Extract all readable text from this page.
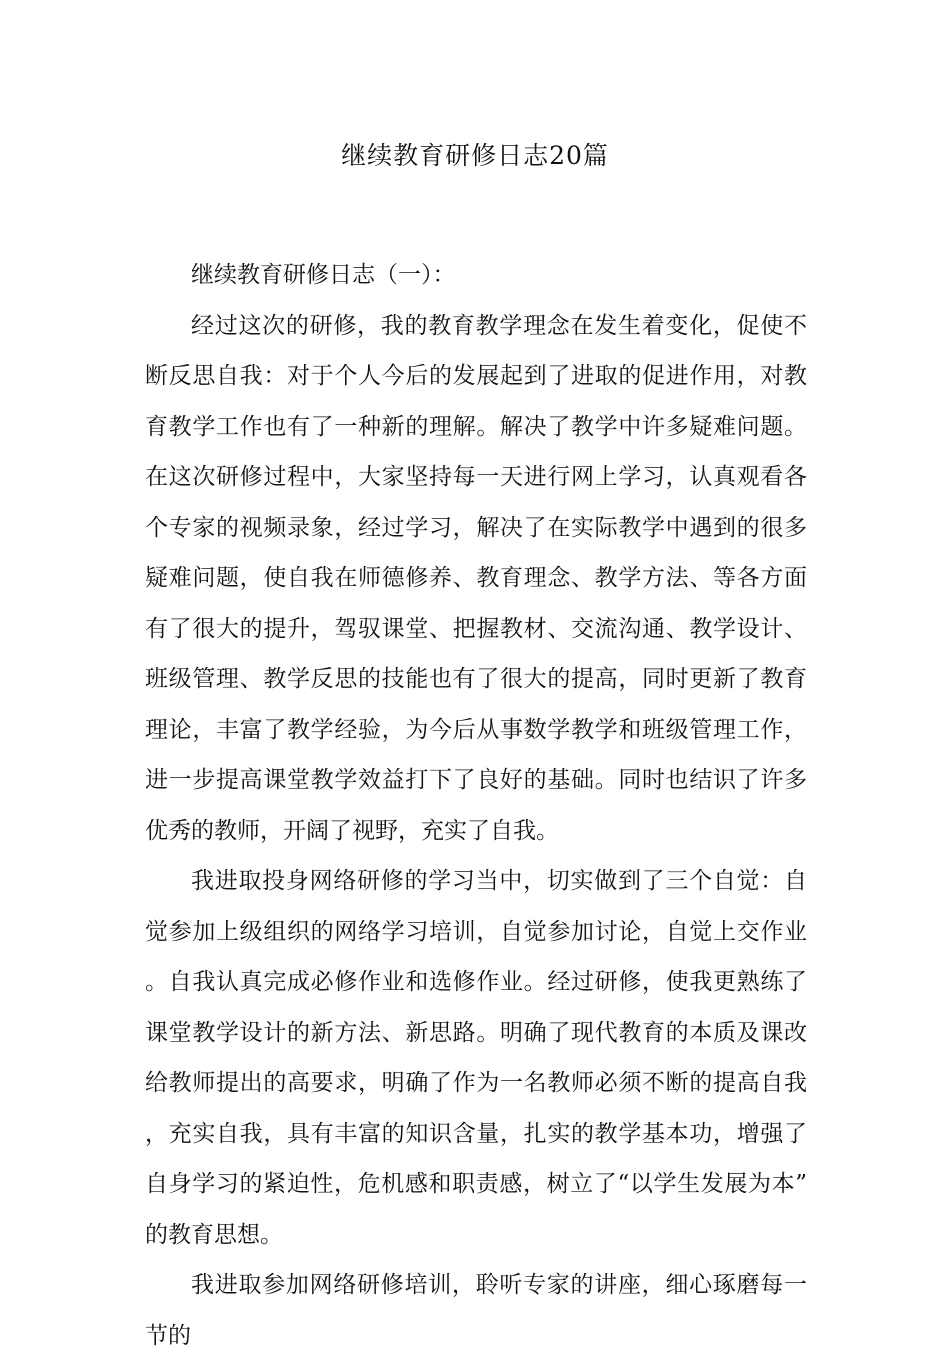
继续教育研修日志20篇

继续教育研修日志（一）：

经过这次的研修，我的教育教学理念在发生着变化，促使不断反思自我：对于个人今后的发展起到了进取的促进作用，对教育教学工作也有了一种新的理解。解决了教学中许多疑难问题。在这次研修过程中，大家坚持每一天进行网上学习，认真观看各个专家的视频录象，经过学习，解决了在实际教学中遇到的很多疑难问题，使自我在师德修养、教育理念、教学方法、等各方面有了很大的提升，驾驭课堂、把握教材、交流沟通、教学设计、班级管理、教学反思的技能也有了很大的提高，同时更新了教育理论，丰富了教学经验，为今后从事数学教学和班级管理工作，进一步提高课堂教学效益打下了良好的基础。同时也结识了许多优秀的教师，开阔了视野，充实了自我。

我进取投身网络研修的学习当中，切实做到了三个自觉：自觉参加上级组织的网络学习培训，自觉参加讨论，自觉上交作业。自我认真完成必修作业和选修作业。经过研修，使我更熟练了课堂教学设计的新方法、新思路。明确了现代教育的本质及课改给教师提出的高要求，明确了作为一名教师必须不断的提高自我，充实自我，具有丰富的知识含量，扎实的教学基本功，增强了自身学习的紧迫性，危机感和职责感，树立了“以学生发展为本”的教育思想。

我进取参加网络研修培训，聆听专家的讲座，细心琢磨每一节的
